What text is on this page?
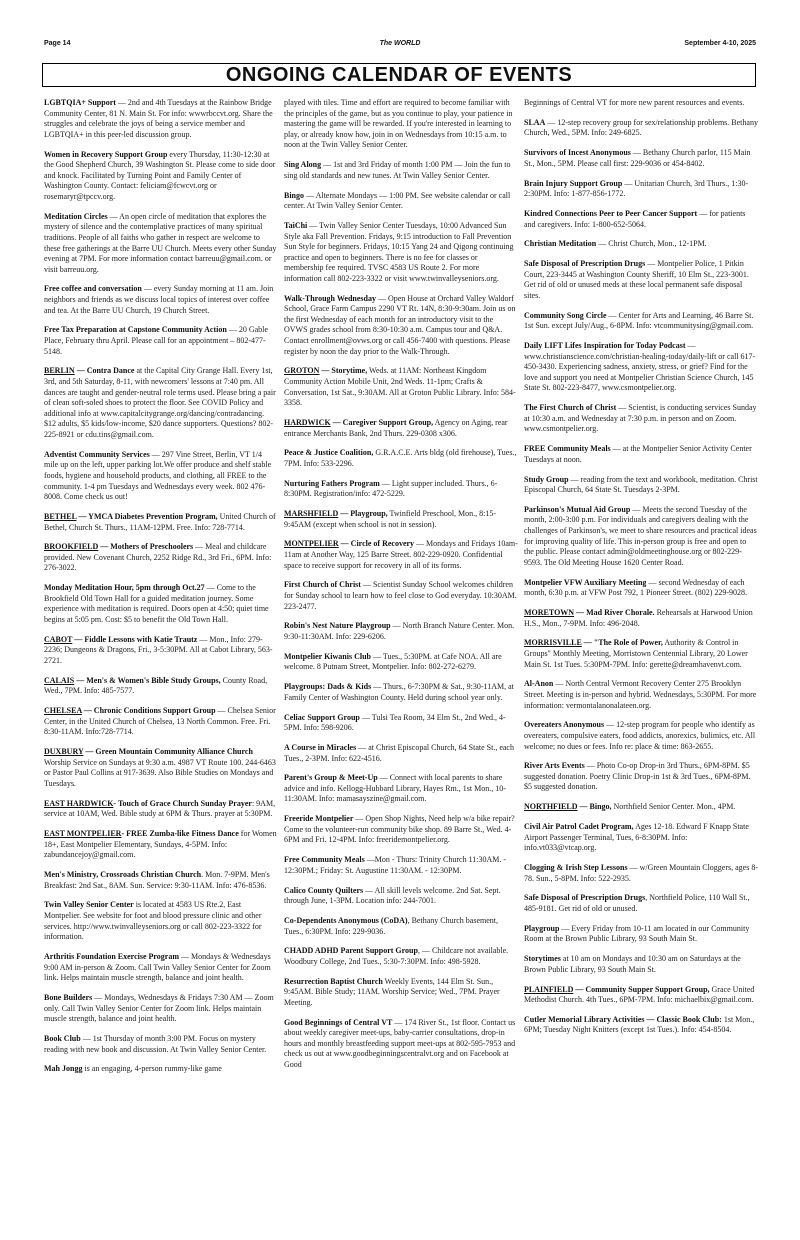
Page 14	The WORLD	September 4-10, 2025
ONGOING CALENDAR OF EVENTS

LGBTQIA+ Support — 2nd and 4th Tuesdays at the Rainbow Bridge Community Center, 81 N. Main St. For info: wwwrbccvt.org. Share the struggles and celebrate the joys of being a service member and LGBTQIA+ in this peer-led discussion group.

Women in Recovery Support Group every Thursday, 11:30-12:30 at the Good Shepherd Church, 39 Washington St. Please come to side door and knock. Facilitated by Turning Point and Family Center of Washington County. Contact: feliciam@fcwcvt.org or rosemaryr@tpccv.org.

Meditation Circles — An open circle of meditation that explores the mystery of silence and the contemplative practices of many spiritual traditions. People of all faiths who gather in respect are welcome to these free gatherings at the Barre UU Church. Meets every other Sunday evening at 7PM. For more information contact barreuu@gmail.com. or visit barreuu.org.

Free coffee and conversation — every Sunday morning at 11 am. Join neighbors and friends as we discuss local topics of interest over coffee and tea. At the Barre UU Church, 19 Church Street.

Free Tax Preparation at Capstone Community Action — 20 Gable Place, February thru April. Please call for an appointment – 802-477-5148.

BERLIN — Contra Dance at the Capital City Grange Hall. Every 1st, 3rd, and 5th Saturday, 8-11, with newcomers' lessons at 7:40 pm. All dances are taught and gender-neutral role terms used. Please bring a pair of clean soft-soled shoes to protect the floor. See COVID Policy and additional info at www.capitalcitygrange.org/dancing/contradancing. $12 adults, $5 kids/low-income, $20 dance supporters. Questions? 802-225-8921 or cdu.tins@gmail.com.

Adventist Community Services — 297 Vine Street, Berlin, VT 1/4 mile up on the left, upper parking lot.We offer produce and shelf stable foods, hygiene and household products, and clothing, all FREE to the community. 1-4 pm Tuesdays and Wednesdays every week. 802 476-8008. Come check us out!

BETHEL — YMCA Diabetes Prevention Program, United Church of Bethel, Church St. Thurs., 11AM-12PM. Free. Info: 728-7714.

BROOKFIELD — Mothers of Preschoolers — Meal and childcare provided. New Covenant Church, 2252 Ridge Rd., 3rd Fri., 6PM. Info: 276-3022.

Monday Meditation Hour, 5pm through Oct.27 — Come to the Brookfield Old Town Hall for a guided meditation journey. Some experience with meditation is required. Doors open at 4:50; quiet time begins at 5:05 pm. Cost: $5 to benefit the Old Town Hall.

CABOT — Fiddle Lessons with Katie Trautz — Mon., Info: 279-2236; Dungeons & Dragons, Fri., 3-5:30PM. All at Cabot Library, 563-2721.

CALAIS — Men's & Women's Bible Study Groups, County Road, Wed., 7PM. Info: 485-7577.

CHELSEA — Chronic Conditions Support Group — Chelsea Senior Center, in the United Church of Chelsea, 13 North Common. Free. Fri. 8:30-11AM. Info:728-7714.

DUXBURY — Green Mountain Community Alliance Church Worship Service on Sundays at 9:30 a.m. 4987 VT Route 100. 244-6463 or Pastor Paul Collins at 917-3639. Also Bible Studies on Mondays and Tuesdays.

EAST HARDWICK- Touch of Grace Church Sunday Prayer: 9AM, service at 10AM, Wed. Bible study at 6PM & Thurs. prayer at 5:30PM.

EAST MONTPELIER- FREE Zumba-like Fitness Dance for Women 18+, East Montpelier Elementary, Sundays, 4-5PM. Info: zabundancejoy@gmail.com.

Men's Ministry, Crossroads Christian Church. Mon. 7-9PM. Men's Breakfast: 2nd Sat., 8AM. Sun. Service: 9:30-11AM. Info: 476-8536.

Twin Valley Senior Center is located at 4583 US Rte.2, East Montpelier. See website for foot and blood pressure clinic and other services. http://www.twinvalleyseniors.org or call 802-223-3322 for information.

Arthritis Foundation Exercise Program — Mondays & Wednesdays 9:00 AM in-person & Zoom. Call Twin Valley Senior Center for Zoom link. Helps maintain muscle strength, balance and joint health.

Bone Builders — Mondays, Wednesdays & Fridays 7:30 AM — Zoom only. Call Twin Valley Senior Center for Zoom link. Helps maintain muscle strength, balance and joint health.

Book Club — 1st Thursday of month 3:00 PM. Focus on mystery reading with new book and discussion. At Twin Valley Senior Center.

Mah Jongg is an engaging, 4-person rummy-like game

played with tiles. Time and effort are required to become familiar with the principles of the game, but as you continue to play, your patience in mastering the game will be rewarded. If you're interested in learning to play, or already know how, join in on Wednesdays from 10:15 a.m. to noon at the Twin Valley Senior Center.

Sing Along — 1st and 3rd Friday of month 1:00 PM — Join the fun to sing old standards and new tunes. At Twin Valley Senior Center.

Bingo — Alternate Mondays — 1:00 PM. See website calendar or call center. At Twin Valley Senior Center.

TaiChi — Twin Valley Senior Center Tuesdays, 10:00 Advanced Sun Style aka Fall Prevention. Fridays, 9:15 introduction to Fall Prevention Sun Style for beginners. Fridays, 10:15 Yang 24 and Qigong continuing practice and open to beginners. There is no fee for classes or membership fee required. TVSC 4583 US Route 2. For more information call 802-223-3322 or visit www.twinvalleyseniors.org.

Walk-Through Wednesday — Open House at Orchard Valley Waldorf School, Grace Farm Campus 2290 VT Rt. 14N, 8:30-9:30am. Join us on the first Wednesday of each month for an introductory visit to the OVWS grades school from 8:30-10:30 a.m. Campus tour and Q&A. Contact enrollment@ovws.org or call 456-7400 with questions. Please register by noon the day prior to the Walk-Through.

GROTON — Storytime, Weds. at 11AM: Northeast Kingdom Community Action Mobile Unit, 2nd Weds. 11-1pm; Crafts & Conversation, 1st Sat., 9:30AM. All at Groton Public Library. Info: 584-3358.

HARDWICK — Caregiver Support Group, Agency on Aging, rear entrance Merchants Bank, 2nd Thurs. 229-0308 x306.

Peace & Justice Coalition, G.R.A.C.E. Arts bldg (old firehouse), Tues., 7PM. Info: 533-2296.

Nurturing Fathers Program — Light supper included. Thurs., 6-8:30PM. Registration/info: 472-5229.

MARSHFIELD — Playgroup, Twinfield Preschool, Mon., 8:15-9:45AM (except when school is not in session).

MONTPELIER — Circle of Recovery — Mondays and Fridays 10am-11am at Another Way, 125 Barre Street. 802-229-0920. Confidential space to receive support for recovery in all of its forms.

First Church of Christ — Scientist Sunday School welcomes children for Sunday school to learn how to feel close to God everyday. 10:30AM. 223-2477.

Robin's Nest Nature Playgroup — North Branch Nature Center. Mon. 9:30-11:30AM. Info: 229-6206.

Montpelier Kiwanis Club — Tues., 5:30PM. at Cafe NOA. All are welcome. 8 Putnam Street, Montpelier. Info: 802-272-6279.

Playgroups: Dads & Kids — Thurs., 6-7:30PM & Sat., 9:30-11AM, at Family Center of Washington County. Held during school year only.

Celiac Support Group — Tulsi Tea Room, 34 Elm St., 2nd Wed., 4-5PM. Info: 598-9206.

A Course in Miracles — at Christ Episcopal Church, 64 State St., each Tues., 2-3PM. Info: 622-4516.

Parent's Group & Meet-Up — Connect with local parents to share advice and info. Kellogg-Hubbard Library, Hayes Rm., 1st Mon., 10-11:30AM. Info: mamasayszine@gmail.com.

Freeride Montpelier — Open Shop Nights, Need help w/a bike repair? Come to the volunteer-run community bike shop. 89 Barre St., Wed. 4-6PM and Fri. 12-4PM. Info: freeridemontpelier.org.

Free Community Meals —Mon - Thurs: Trinity Church 11:30AM. - 12:30PM.; Friday: St. Augustine 11:30AM. - 12:30PM.

Calico County Quilters — All skill levels welcome. 2nd Sat. Sept. through June, 1-3PM. Location info: 244-7001.

Co-Dependents Anonymous (CoDA), Bethany Church basement, Tues., 6:30PM. Info: 229-9036.

CHADD ADHD Parent Support Group, — Childcare not available. Woodbury College, 2nd Tues., 5:30-7:30PM. Info: 498-5928.

Resurrection Baptist Church Weekly Events, 144 Elm St. Sun., 9:45AM. Bible Study; 11AM. Worship Service; Wed., 7PM. Prayer Meeting.

Good Beginnings of Central VT — 174 River St., 1st floor. Contact us about weekly caregiver meet-ups, baby-carrier consultations, drop-in hours and monthly breastfeeding support meet-ups at 802-595-7953 and check us out at www.goodbeginningscentralvt.org and on Facebook at Good

Beginnings of Central VT for more new parent resources and events.

SLAA — 12-step recovery group for sex/relationship problems. Bethany Church, Wed., 5PM. Info: 249-6825.

Survivors of Incest Anonymous — Bethany Church parlor, 115 Main St., Mon., 5PM. Please call first: 229-9036 or 454-8402.

Brain Injury Support Group — Unitarian Church, 3rd Thurs., 1:30-2:30PM. Info: 1-877-856-1772.

Kindred Connections Peer to Peer Cancer Support — for patients and caregivers. Info: 1-800-652-5064.

Christian Meditation — Christ Church, Mon., 12-1PM.

Safe Disposal of Prescription Drugs — Montpelier Police, 1 Pitkin Court, 223-3445 at Washington County Sheriff, 10 Elm St., 223-3001. Get rid of old or unused meds at these local permanent safe disposal sites.

Community Song Circle — Center for Arts and Learning, 46 Barre St. 1st Sun. except July/Aug., 6-8PM. Info: vtcommunitysing@gmail.com.

Daily LIFT Lifes Inspiration for Today Podcast — www.christianscience.com/christian-healing-today/daily-lift or call 617-450-3430. Experiencing sadness, anxiety, stress, or grief? Find for the love and support you need at Montpelier Christian Science Church, 145 State St. 802-223-8477, www.csmontpelier.org.

The First Church of Christ — Scientist, is conducting services Sunday at 10:30 a.m. and Wednesday at 7:30 p.m. in person and on Zoom. www.csmontpelier.org.

FREE Community Meals — at the Montpelier Senior Activity Center Tuesdays at noon.

Study Group — reading from the text and workbook, meditation. Christ Episcopal Church, 64 State St. Tuesdays 2-3PM.

Parkinson's Mutual Aid Group — Meets the second Tuesday of the month, 2:00-3:00 p.m. For individuals and caregivers dealing with the challenges of Parkinson's, we meet to share resources and practical ideas for improving quality of life. This in-person group is free and open to the public. Please contact admin@oldmeetinghouse.org or 802-229-9593. The Old Meeting House 1620 Center Road.

Montpelier VFW Auxiliary Meeting — second Wednesday of each month, 6:30 p.m. at VFW Post 792, 1 Pioneer Street. (802) 229-9028.

MORETOWN — Mad River Chorale. Rehearsals at Harwood Union H.S., Mon., 7-9PM. Info: 496-2048.

MORRISVILLE — "The Role of Power, Authority & Control in Groups" Monthly Meeting, Morristown Centennial Library, 20 Lower Main St. 1st Tues. 5:30PM-7PM. Info: gerette@dreamhavenvt.com.

Al-Anon — North Central Vermont Recovery Center 275 Brooklyn Street. Meeting is in-person and hybrid. Wednesdays, 5:30PM. For more information: vermontalanonalateen.org.

Overeaters Anonymous — 12-step program for people who identify as overeaters, compulsive eaters, food addicts, anorexics, bulimics, etc. All welcome; no dues or fees. Info re: place & time: 863-2655.

River Arts Events — Photo Co-op Drop-in 3rd Thurs., 6PM-8PM. $5 suggested donation. Poetry Clinic Drop-in 1st & 3rd Tues., 6PM-8PM. $5 suggested donation.

NORTHFIELD — Bingo, Northfield Senior Center. Mon., 4PM.

Civil Air Patrol Cadet Program, Ages 12-18. Edward F Knapp State Airport Passenger Terminal, Tues, 6-8:30PM. Info: info.vt033@vtcap.org.

Clogging & Irish Step Lessons — w/Green Mountain Cloggers, ages 8-78. Sun., 5-8PM. Info: 522-2935.

Safe Disposal of Prescription Drugs, Northfield Police, 110 Wall St., 485-9181. Get rid of old or unused.

Playgroup — Every Friday from 10-11 am located in our Community Room at the Brown Public Library, 93 South Main St.

Storytimes at 10 am on Mondays and 10:30 am on Saturdays at the Brown Public Library, 93 South Main St.

PLAINFIELD — Community Supper Support Group, Grace United Methodist Church. 4th Tues., 6PM-7PM. Info: michaelbix@gmail.com.

Cutler Memorial Library Activities — Classic Book Club: 1st Mon., 6PM; Tuesday Night Knitters (except 1st Tues.). Info: 454-8504.
